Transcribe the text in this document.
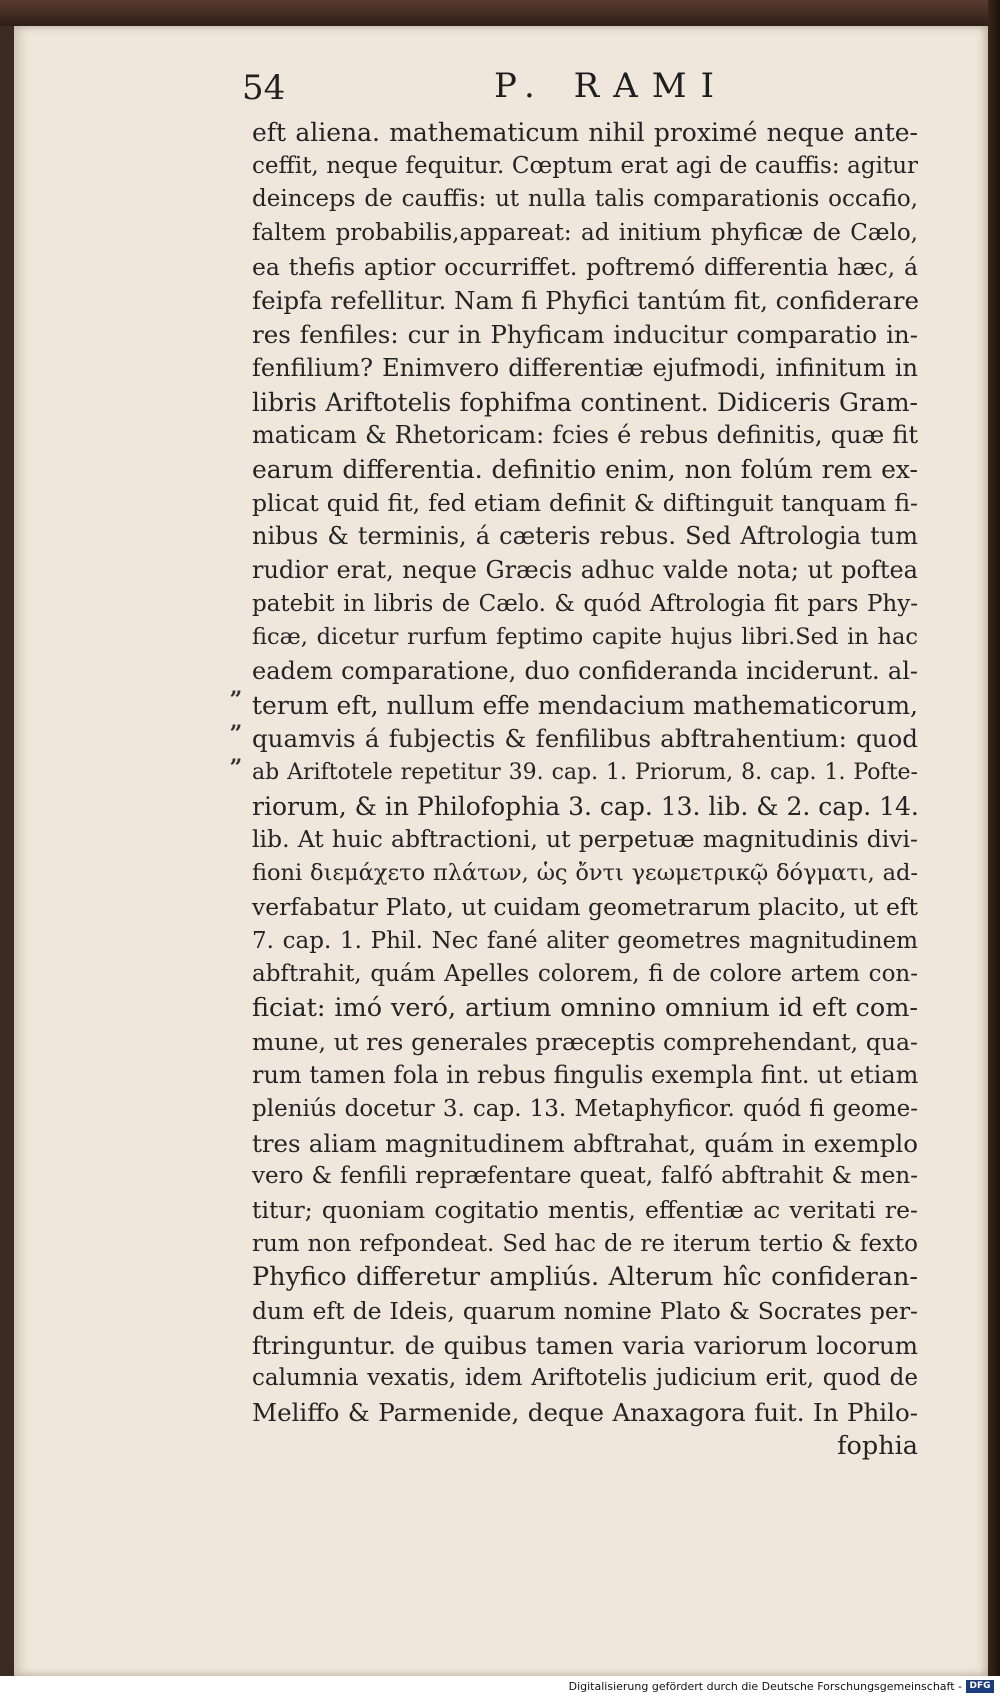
54	P. RAMI
„
„
„
eft aliena. mathematicum nihil proximé neque ante-
ceffit, neque fequitur. Cœptum erat agi de cauffis: agitur
deinceps de cauffis: ut nulla talis comparationis occafio,
faltem probabilis,appareat: ad initium phyficæ de Cælo,
ea thefis aptior occurriffet. poftremó differentia hæc, á
feipfa refellitur. Nam fi Phyfici tantúm fit, confiderare
res fenfiles: cur in Phyficam inducitur comparatio in-
fenfilium? Enimvero differentiæ ejufmodi, infinitum in
libris Ariftotelis fophifma continent. Didiceris Gram-
maticam & Rhetoricam: fcies é rebus definitis, quæ fit
earum differentia. definitio enim, non folúm rem ex-
plicat quid fit, fed etiam definit & diftinguit tanquam fi-
nibus & terminis, á cæteris rebus. Sed Aftrologia tum
rudior erat, neque Græcis adhuc valde nota; ut poftea
patebit in libris de Cælo. & quód Aftrologia fit pars Phy-
ficæ, dicetur rurfum feptimo capite hujus libri.Sed in hac
eadem comparatione, duo confideranda inciderunt. al-
terum eft, nullum effe mendacium mathematicorum,
quamvis á fubjectis & fenfilibus abftrahentium: quod
ab Ariftotele repetitur 39. cap. 1. Priorum, 8. cap. 1. Pofte-
riorum, & in Philofophia 3. cap. 13. lib. & 2. cap. 14.
lib. At huic abftractioni, ut perpetuæ magnitudinis divi-
fioni διεμάχετο πλάτων, ὡς ὄντι γεωμετρικῷ δόγματι, ad-
verfabatur Plato, ut cuidam geometrarum placito, ut eft
7. cap. 1. Phil. Nec fané aliter geometres magnitudinem
abftrahit, quám Apelles colorem, fi de colore artem con-
ficiat: imó veró, artium omnino omnium id eft com-
mune, ut res generales præceptis comprehendant, qua-
rum tamen fola in rebus fingulis exempla fint. ut etiam
pleniús docetur 3. cap. 13. Metaphyficor. quód fi geome-
tres aliam magnitudinem abftrahat, quám in exemplo
vero & fenfili repræfentare queat, falfó abftrahit & men-
titur; quoniam cogitatio mentis, effentiæ ac veritati re-
rum non refpondeat. Sed hac de re iterum tertio & fexto
Phyfico differetur ampliús. Alterum hîc confideran-
dum eft de Ideis, quarum nomine Plato & Socrates per-
ftringuntur. de quibus tamen varia variorum locorum
calumnia vexatis, idem Ariftotelis judicium erit, quod de
Meliffo & Parmenide, deque Anaxagora fuit. In Philo-
fophia
Digitalisierung gefördert durch die Deutsche Forschungsgemeinschaft - DFG
